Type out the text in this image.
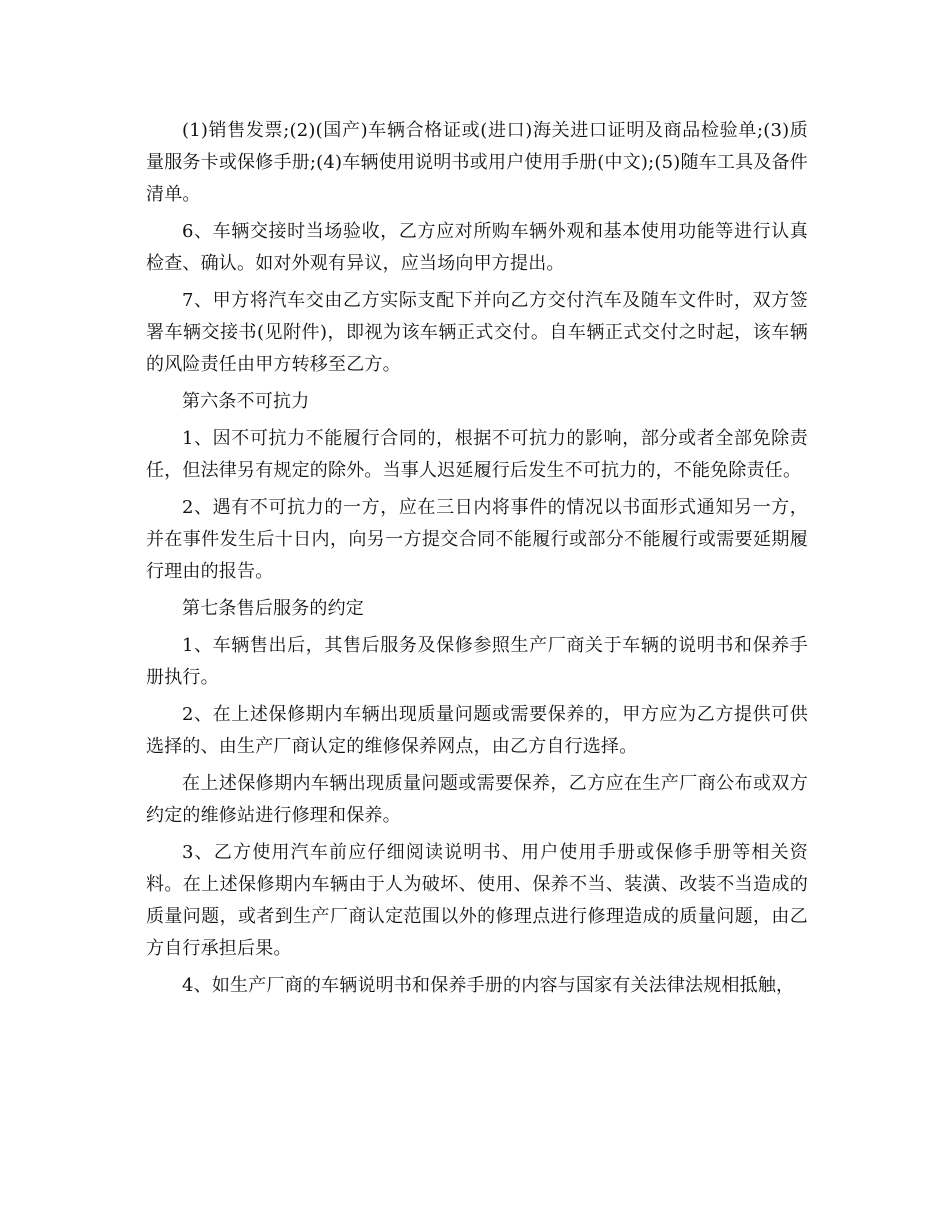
(1)销售发票;(2)(国产)车辆合格证或(进口)海关进口证明及商品检验单;(3)质量服务卡或保修手册;(4)车辆使用说明书或用户使用手册(中文);(5)随车工具及备件清单。

6、车辆交接时当场验收，乙方应对所购车辆外观和基本使用功能等进行认真检查、确认。如对外观有异议，应当场向甲方提出。

7、甲方将汽车交由乙方实际支配下并向乙方交付汽车及随车文件时，双方签署车辆交接书(见附件)，即视为该车辆正式交付。自车辆正式交付之时起，该车辆的风险责任由甲方转移至乙方。

第六条不可抗力

1、因不可抗力不能履行合同的，根据不可抗力的影响，部分或者全部免除责任，但法律另有规定的除外。当事人迟延履行后发生不可抗力的，不能免除责任。

2、遇有不可抗力的一方，应在三日内将事件的情况以书面形式通知另一方，并在事件发生后十日内，向另一方提交合同不能履行或部分不能履行或需要延期履行理由的报告。

第七条售后服务的约定

1、车辆售出后，其售后服务及保修参照生产厂商关于车辆的说明书和保养手册执行。

2、在上述保修期内车辆出现质量问题或需要保养的，甲方应为乙方提供可供选择的、由生产厂商认定的维修保养网点，由乙方自行选择。

在上述保修期内车辆出现质量问题或需要保养，乙方应在生产厂商公布或双方约定的维修站进行修理和保养。

3、乙方使用汽车前应仔细阅读说明书、用户使用手册或保修手册等相关资料。在上述保修期内车辆由于人为破坏、使用、保养不当、装潢、改装不当造成的质量问题，或者到生产厂商认定范围以外的修理点进行修理造成的质量问题，由乙方自行承担后果。

4、如生产厂商的车辆说明书和保养手册的内容与国家有关法律法规相抵触，
